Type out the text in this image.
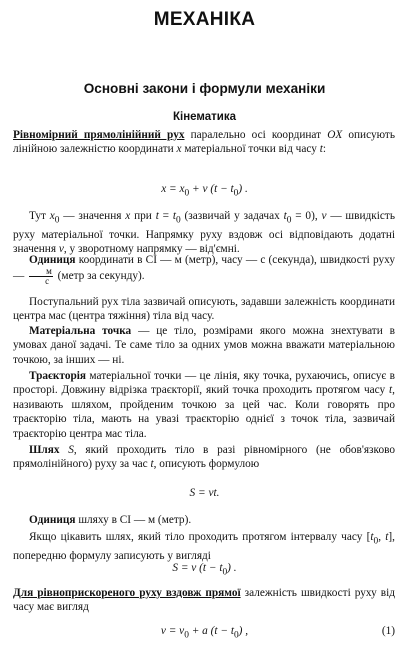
МЕХАНІКА
Основні закони і формули механіки
Кінематика
Рівномірний прямолінійний рух паралельно осі координат OX описують лінійною залежністю координати x матеріальної точки від часу t:
$x = x_0 + v$ $(t - t_0)$ .
Тут $x_0$ — значення x при $t = t_0$ (зазвичай у задачах $t_0 = 0$), v — швидкість руху матеріальної точки. Напрямку руху вздовж осі відповідають додатні значення v, у зворотному напрямку — від'ємні.
Одиниця координати в СІ — м (метр), часу — с (секунда), швидкості руху — $\frac{м}{с}$ (метр за секунду).
Поступальний рух тіла зазвичай описують, задавши залежність координати центра мас (центра тяжіння) тіла від часу.
Матеріальна точка — це тіло, розмірами якого можна знехтувати в умовах даної задачі. Те саме тіло за одних умов можна вважати матеріальною точкою, за інших — ні.
Траєкторія матеріальної точки — це лінія, яку точка, рухаючись, описує в просторі. Довжину відрізка траєкторії, який точка проходить протягом часу t, називають шляхом, пройденим точкою за цей час. Коли говорять про траєкторію тіла, мають на увазі траєкторію однієї з точок тіла, зазвичай траєкторію центра мас тіла.
Шлях S, який проходить тіло в разі рівномірного (не обов'язково прямолінійного) руху за час t, описують формулою
S = vt.
Одиниця шляху в СІ — м (метр).
Якщо цікавить шлях, який тіло проходить протягом інтервалу часу [$t_0$, t], попередню формулу записують у вигляді
S = v $(t - t_0)$ .
Для рівноприскореного руху вздовж прямої залежність швидкості руху від часу має вигляд
$v = v_0 + a$ $(t - t_0)$ ,	(1)
